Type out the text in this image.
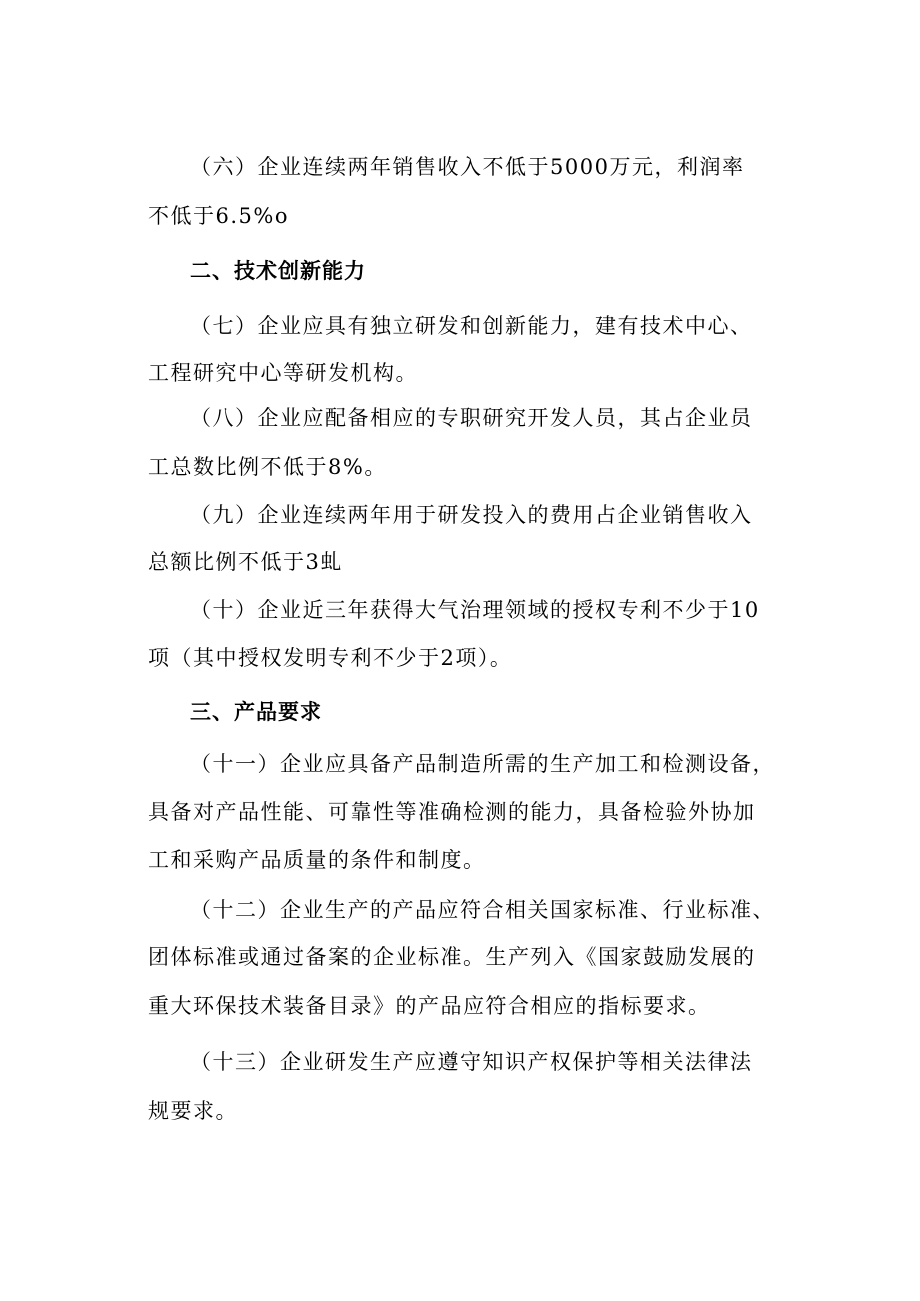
（六）企业连续两年销售收入不低于5000万元，利润率
不低于6.5%o
二、技术创新能力
（七）企业应具有独立研发和创新能力，建有技术中心、
工程研究中心等研发机构。
（八）企业应配备相应的专职研究开发人员，其占企业员
工总数比例不低于8%。
（九）企业连续两年用于研发投入的费用占企业销售收入
总额比例不低于3虬
（十）企业近三年获得大气治理领域的授权专利不少于10
项（其中授权发明专利不少于2项）。
三、产品要求
（十一）企业应具备产品制造所需的生产加工和检测设备，
具备对产品性能、可靠性等准确检测的能力，具备检验外协加
工和采购产品质量的条件和制度。
（十二）企业生产的产品应符合相关国家标准、行业标准、
团体标准或通过备案的企业标准。生产列入《国家鼓励发展的
重大环保技术装备目录》的产品应符合相应的指标要求。
（十三）企业研发生产应遵守知识产权保护等相关法律法
规要求。
